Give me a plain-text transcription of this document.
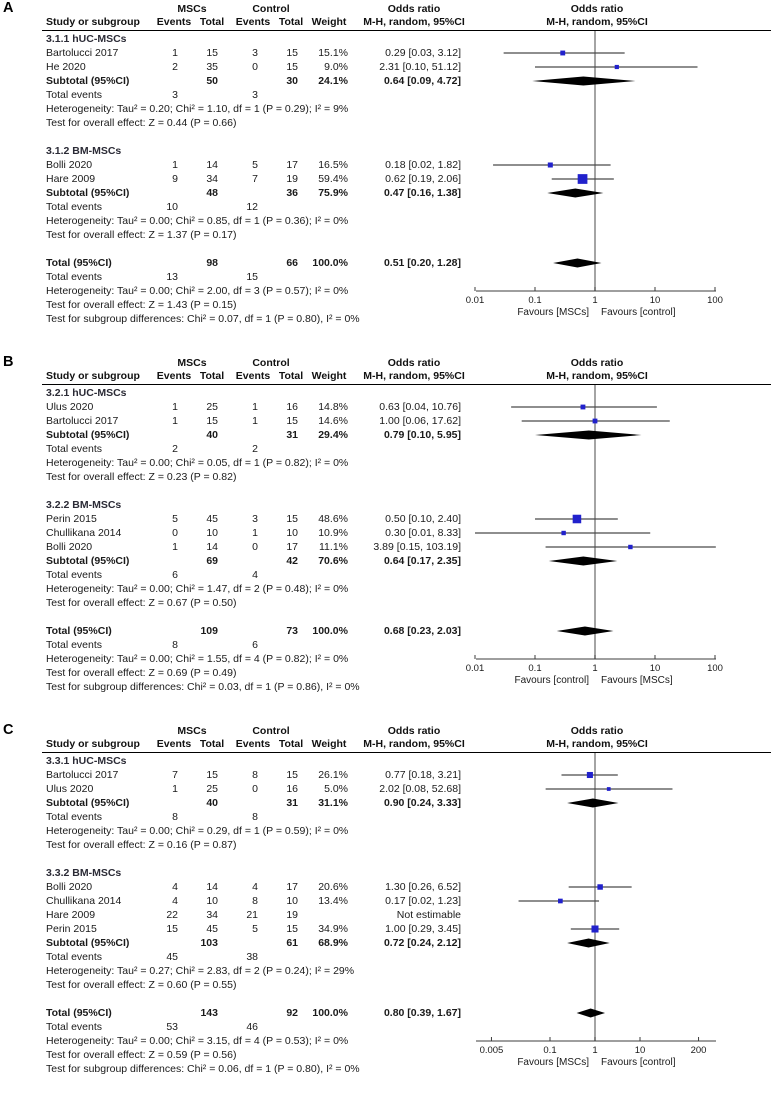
A	MSCs	Control	Odds ratio	Odds ratio
Study or subgroup Events Total Events Total Weight M-H, random, 95%CI	M-H, random, 95%CI
3.1.1 hUC-MSCs
Bartolucci 2017	1	15	3	15 15.1%	0.29 [0.03, 3.12]
He 2020	2	35	0	15 9.0%	2.31 [0.10, 51.12]
Subtotal (95%CI)	50	30 24.1%	0.64 [0.09, 4.72]
Total events	3	3
Heterogeneity: Tau² = 0.20; Chi² = 1.10, df = 1 (P = 0.29); I² = 9%
Test for overall effect: Z = 0.44 (P = 0.66)
3.1.2 BM-MSCs
Bolli 2020	1	14	5	17 16.5%	0.18 [0.02, 1.82]
Hare 2009	9	34	7	19 59.4%	0.62 [0.19, 2.06]
Subtotal (95%CI)	48	36 75.9%	0.47 [0.16, 1.38]
Total events	10	12
Heterogeneity: Tau² = 0.00; Chi² = 0.85, df = 1 (P = 0.36); I² = 0%
Test for overall effect: Z = 1.37 (P = 0.17)
Total (95%CI)	98	66 100.0%	0.51 [0.20, 1.28]
Total events	13	15
Heterogeneity: Tau² = 0.00; Chi² = 2.00, df = 3 (P = 0.57); I² = 0%
Test for overall effect: Z = 1.43 (P = 0.15)
Test for subgroup differences: Chi² = 0.07, df = 1 (P = 0.80), I² = 0%
0.01	0.1	1	10	100
Favours [MSCs] Favours [control]
B	MSCs	Control	Odds ratio	Odds ratio
Study or subgroup Events Total Events Total Weight M-H, random, 95%CI	M-H, random, 95%CI
3.2.1 hUC-MSCs
Ulus 2020	1	25	1	16 14.8%	0.63 [0.04, 10.76]
Bartolucci 2017	1	15	1	15 14.6%	1.00 [0.06, 17.62]
Subtotal (95%CI)	40	31 29.4%	0.79 [0.10, 5.95]
Total events	2	2
Heterogeneity: Tau² = 0.00; Chi² = 0.05, df = 1 (P = 0.82); I² = 0%
Test for overall effect: Z = 0.23 (P = 0.82)
3.2.2 BM-MSCs
Perin 2015	5	45	3	15 48.6%	0.50 [0.10, 2.40]
Chullikana 2014	0	10	1	10 10.9%	0.30 [0.01, 8.33]
Bolli 2020	1	14	0	17 11.1% 3.89 [0.15, 103.19]
Subtotal (95%CI)	69	42 70.6%	0.64 [0.17, 2.35]
Total events	6	4
Heterogeneity: Tau² = 0.00; Chi² = 1.47, df = 2 (P = 0.48); I² = 0%
Test for overall effect: Z = 0.67 (P = 0.50)
Total (95%CI)	109	73 100.0%	0.68 [0.23, 2.03]
Total events	8	6
Heterogeneity: Tau² = 0.00; Chi² = 1.55, df = 4 (P = 0.82); I² = 0%
Test for overall effect: Z = 0.69 (P = 0.49)
Test for subgroup differences: Chi² = 0.03, df = 1 (P = 0.86), I² = 0%
0.01	0.1	1	10	100
Favours [control] Favours [MSCs]
C	MSCs	Control	Odds ratio	Odds ratio
Study or subgroup Events Total Events Total Weight M-H, random, 95%CI	M-H, random, 95%CI
3.3.1 hUC-MSCs
Bartolucci 2017	7	15	8	15 26.1%	0.77 [0.18, 3.21]
Ulus 2020	1	25	0	16 5.0%	2.02 [0.08, 52.68]
Subtotal (95%CI)	40	31 31.1%	0.90 [0.24, 3.33]
Total events	8	8
Heterogeneity: Tau² = 0.00; Chi² = 0.29, df = 1 (P = 0.59); I² = 0%
Test for overall effect: Z = 0.16 (P = 0.87)
3.3.2 BM-MSCs
Bolli 2020	4	14	4	17 20.6%	1.30 [0.26, 6.52]
Chullikana 2014	4	10	8	10 13.4%	0.17 [0.02, 1.23]
Hare 2009	22	34	21	19	Not estimable
Perin 2015	15	45	5	15 34.9%	1.00 [0.29, 3.45]
Subtotal (95%CI)	103	61 68.9%	0.72 [0.24, 2.12]
Total events	45	38
Heterogeneity: Tau² = 0.27; Chi² = 2.83, df = 2 (P = 0.24); I² = 29%
Test for overall effect: Z = 0.60 (P = 0.55)
Total (95%CI)	143	92 100.0%	0.80 [0.39, 1.67]
Total events	53	46
Heterogeneity: Tau² = 0.00; Chi² = 3.15, df = 4 (P = 0.53); I² = 0%
Test for overall effect: Z = 0.59 (P = 0.56)
Test for subgroup differences: Chi² = 0.06, df = 1 (P = 0.80), I² = 0%
0.005	0.1	1	10	200
Favours [MSCs] Favours [control]
